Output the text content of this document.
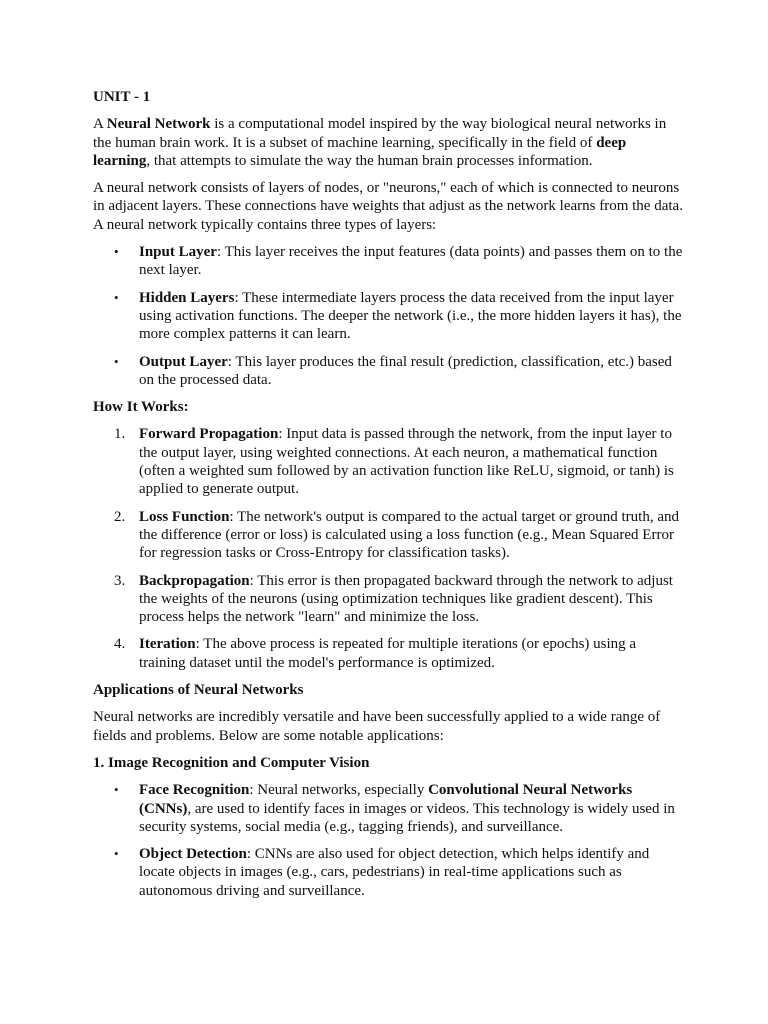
UNIT - 1

A Neural Network is a computational model inspired by the way biological neural networks in the human brain work. It is a subset of machine learning, specifically in the field of deep learning, that attempts to simulate the way the human brain processes information.

A neural network consists of layers of nodes, or "neurons," each of which is connected to neurons in adjacent layers. These connections have weights that adjust as the network learns from the data. A neural network typically contains three types of layers:

• Input Layer: This layer receives the input features (data points) and passes them on to the next layer.
• Hidden Layers: These intermediate layers process the data received from the input layer using activation functions. The deeper the network (i.e., the more hidden layers it has), the more complex patterns it can learn.
• Output Layer: This layer produces the final result (prediction, classification, etc.) based on the processed data.
How It Works:
1. Forward Propagation: Input data is passed through the network, from the input layer to the output layer, using weighted connections. At each neuron, a mathematical function (often a weighted sum followed by an activation function like ReLU, sigmoid, or tanh) is applied to generate output.
2. Loss Function: The network's output is compared to the actual target or ground truth, and the difference (error or loss) is calculated using a loss function (e.g., Mean Squared Error for regression tasks or Cross-Entropy for classification tasks).
3. Backpropagation: This error is then propagated backward through the network to adjust the weights of the neurons (using optimization techniques like gradient descent). This process helps the network "learn" and minimize the loss.
4. Iteration: The above process is repeated for multiple iterations (or epochs) using a training dataset until the model's performance is optimized.
Applications of Neural Networks

Neural networks are incredibly versatile and have been successfully applied to a wide range of fields and problems. Below are some notable applications:

1. Image Recognition and Computer Vision
• Face Recognition: Neural networks, especially Convolutional Neural Networks (CNNs), are used to identify faces in images or videos. This technology is widely used in security systems, social media (e.g., tagging friends), and surveillance.
• Object Detection: CNNs are also used for object detection, which helps identify and locate objects in images (e.g., cars, pedestrians) in real-time applications such as autonomous driving and surveillance.
